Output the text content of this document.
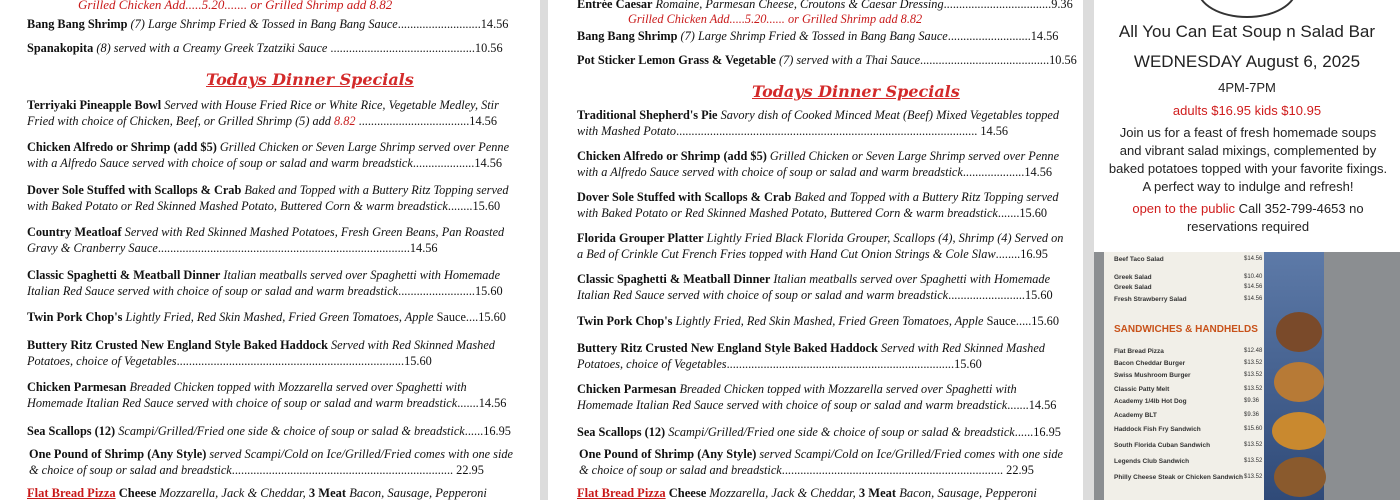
Grilled Chicken Add.....5.20....... or Grilled Shrimp add 8.82
Bang Bang Shrimp (7) Large Shrimp Fried & Tossed in Bang Bang Sauce...........................14.56
Spanakopita (8) served with a Creamy Greek Tzatziki Sauce ...............................................10.56
Todays Dinner Specials
Terriyaki Pineapple Bowl Served with House Fried Rice or White Rice, Vegetable Medley, Stir
Fried with choice of Chicken, Beef, or Grilled Shrimp (5) add 8.82 ....................................14.56
Chicken Alfredo or Shrimp (add $5) Grilled Chicken or Seven Large Shrimp served over Penne
with a Alfredo Sauce served with choice of soup or salad and warm breadstick....................14.56
Dover Sole Stuffed with Scallops & Crab Baked and Topped with a Buttery Ritz Topping served
with Baked Potato or Red Skinned Mashed Potato, Buttered Corn & warm breadstick........15.60
Country Meatloaf Served with Red Skinned Mashed Potatoes, Fresh Green Beans, Pan Roasted
Gravy & Cranberry Sauce..................................................................................14.56
Classic Spaghetti & Meatball Dinner Italian meatballs served over Spaghetti with Homemade
Italian Red Sauce served with choice of soup or salad and warm breadstick.........................15.60
Twin Pork Chop's Lightly Fried, Red Skin Mashed, Fried Green Tomatoes, Apple Sauce....15.60
Buttery Ritz Crusted New England Style Baked Haddock Served with Red Skinned Mashed
Potatoes, choice of Vegetables..........................................................................15.60
Chicken Parmesan Breaded Chicken topped with Mozzarella served over Spaghetti with
Homemade Italian Red Sauce served with choice of soup or salad and warm breadstick.......14.56
Sea Scallops (12) Scampi/Grilled/Fried one side & choice of soup or salad & breadstick......16.95
One Pound of Shrimp (Any Style) served Scampi/Cold on Ice/Grilled/Fried comes with one side
& choice of soup or salad and breadstick........................................................................ 22.95
Flat Bread Pizza Cheese Mozzarella, Jack & Cheddar, 3 Meat Bacon, Sausage, Pepperoni
Entrée Caesar Romaine, Parmesan Cheese, Croutons & Caesar Dressing...................................9.36
Grilled Chicken Add.....5.20...... or Grilled Shrimp add 8.82
Bang Bang Shrimp (7) Large Shrimp Fried & Tossed in Bang Bang Sauce...........................14.56
Pot Sticker Lemon Grass & Vegetable (7) served with a Thai Sauce..........................................10.56
Todays Dinner Specials
Traditional Shepherd's Pie Savory dish of Cooked Minced Meat (Beef) Mixed Vegetables topped
with Mashed Potato.................................................................................................. 14.56
Chicken Alfredo or Shrimp (add $5) Grilled Chicken or Seven Large Shrimp served over Penne
with a Alfredo Sauce served with choice of soup or salad and warm breadstick....................14.56
Dover Sole Stuffed with Scallops & Crab Baked and Topped with a Buttery Ritz Topping served
with Baked Potato or Red Skinned Mashed Potato, Buttered Corn & warm breadstick.......15.60
Florida Grouper Platter Lightly Fried Black Florida Grouper, Scallops (4), Shrimp (4) Served on
a Bed of Crinkle Cut French Fries topped with Hand Cut Onion Strings & Cole Slaw........16.95
Classic Spaghetti & Meatball Dinner Italian meatballs served over Spaghetti with Homemade
Italian Red Sauce served with choice of soup or salad and warm breadstick.........................15.60
Twin Pork Chop's Lightly Fried, Red Skin Mashed, Fried Green Tomatoes, Apple Sauce.....15.60
Buttery Ritz Crusted New England Style Baked Haddock Served with Red Skinned Mashed
Potatoes, choice of Vegetables..........................................................................15.60
Chicken Parmesan Breaded Chicken topped with Mozzarella served over Spaghetti with
Homemade Italian Red Sauce served with choice of soup or salad and warm breadstick.......14.56
Sea Scallops (12) Scampi/Grilled/Fried one side & choice of soup or salad & breadstick......16.95
One Pound of Shrimp (Any Style) served Scampi/Cold on Ice/Grilled/Fried comes with one side
& choice of soup or salad and breadstick........................................................................ 22.95
Flat Bread Pizza Cheese Mozzarella, Jack & Cheddar, 3 Meat Bacon, Sausage, Pepperoni
All You Can Eat Soup n Salad Bar
WEDNESDAY August 6, 2025
4PM-7PM
adults $16.95 kids $10.95
Join us for a feast of fresh homemade soups and vibrant salad mixings, complemented by baked potatoes topped with your favorite fixings. A perfect way to indulge and refresh!
open to the public Call 352-799-4653 no reservations required
SANDWICHES & HANDHELDS
Beef Taco Salad	$14.56
Greek Salad	$10.40
Greek Salad	$14.56
Fresh Strawberry Salad	$14.56
Flat Bread Pizza	$12.48
Bacon Cheddar Burger	$13.52
Swiss Mushroom Burger	$13.52
Classic Patty Melt	$13.52
Academy 1/4lb Hot Dog	$9.36
Academy BLT	$9.36
Haddock Fish Fry Sandwich	$15.60
South Florida Cuban Sandwich	$13.52
Legends Club Sandwich	$13.52
Philly Cheese Steak or Chicken Sandwich $13.52
